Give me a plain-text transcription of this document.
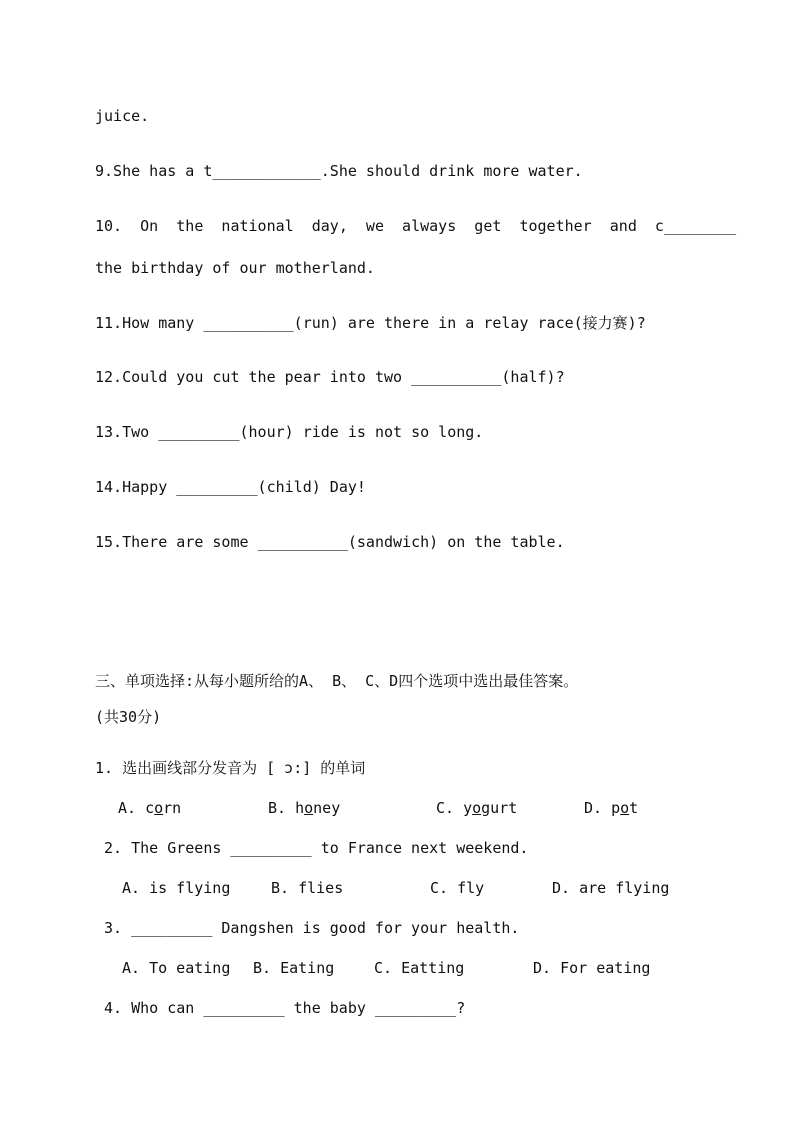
juice.
9.She has a t____________.She should drink more water.
10.  On  the  national  day,  we  always  get  together  and  c________
the birthday of our motherland.
11.How many __________(run) are there in a relay race(接力赛)?
12.Could you cut the pear into two __________(half)?
13.Two _________(hour) ride is not so long.
14.Happy _________(child) Day!
15.There are some __________(sandwich) on the table.
三、单项选择:从每小题所给的A、 B、 C、D四个选项中选出最佳答案。
(共30分)
1. 选出画线部分发音为 [ ɔ:] 的单词
A. corn	B. honey	C. yogurt	D. pot
2. The Greens _________ to France next weekend.
A. is flying	B. flies	C. fly	D. are flying
3. _________ Dangshen is good for your health.
A. To eating B. Eating	C. Eatting	D. For eating
4. Who can _________ the baby _________?
